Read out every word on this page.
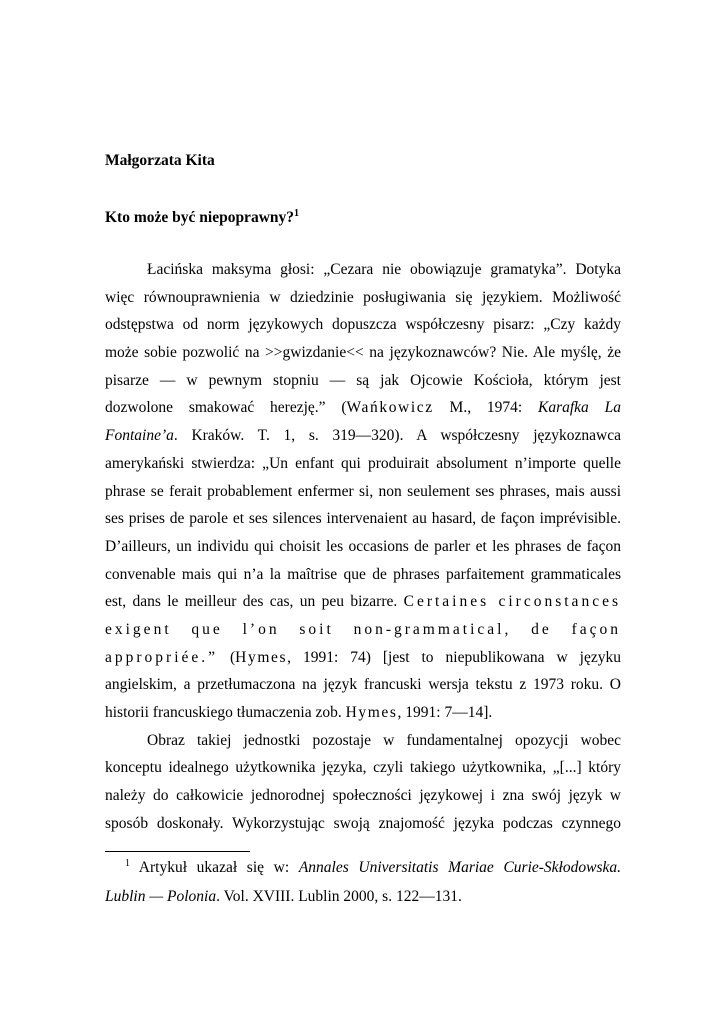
Małgorzata Kita
Kto może być niepoprawny?$^1$
Łacińska maksyma głosi: „Cezara nie obowiązuje gramatyka”. Dotyka
więc równouprawnienia w dziedzinie posługiwania się językiem. Możliwość
odstępstwa od norm językowych dopuszcza współczesny pisarz: „Czy każdy
może sobie pozwolić na >>gwizdanie<< na językoznawców? Nie. Ale myślę, że
pisarze — w pewnym stopniu — są jak Ojcowie Kościoła, którym jest
dozwolone smakować herezję.” (Wańkowicz M., 1974: Karafka La
Fontaine’a. Kraków. T. 1, s. 319—320). A współczesny językoznawca
amerykański stwierdza: „Un enfant qui produirait absolument n’importe quelle
phrase se ferait probablement enfermer si, non seulement ses phrases, mais aussi
ses prises de parole et ses silences intervenaient au hasard, de façon imprévisible.
D’ailleurs, un individu qui choisit les occasions de parler et les phrases de façon
convenable mais qui n’a la maîtrise que de phrases parfaitement grammaticales
est, dans le meilleur des cas, un peu bizarre. Certaines circonstances
exigent que l’on soit non-grammatical, de façon
appropriée.” (Hymes, 1991: 74) [jest to niepublikowana w języku
angielskim, a przetłumaczona na język francuski wersja tekstu z 1973 roku. O
historii francuskiego tłumaczenia zob. Hymes, 1991: 7—14].
Obraz takiej jednostki pozostaje w fundamentalnej opozycji wobec
konceptu idealnego użytkownika języka, czyli takiego użytkownika, „[...] który
należy do całkowicie jednorodnej społeczności językowej i zna swój język w
sposób doskonały. Wykorzystując swoją znajomość języka podczas czynnego
$^1$ Artykuł ukazał się w: Annales Universitatis Mariae Curie-Skłodowska.
Lublin — Polonia. Vol. XVIII. Lublin 2000, s. 122—131.
